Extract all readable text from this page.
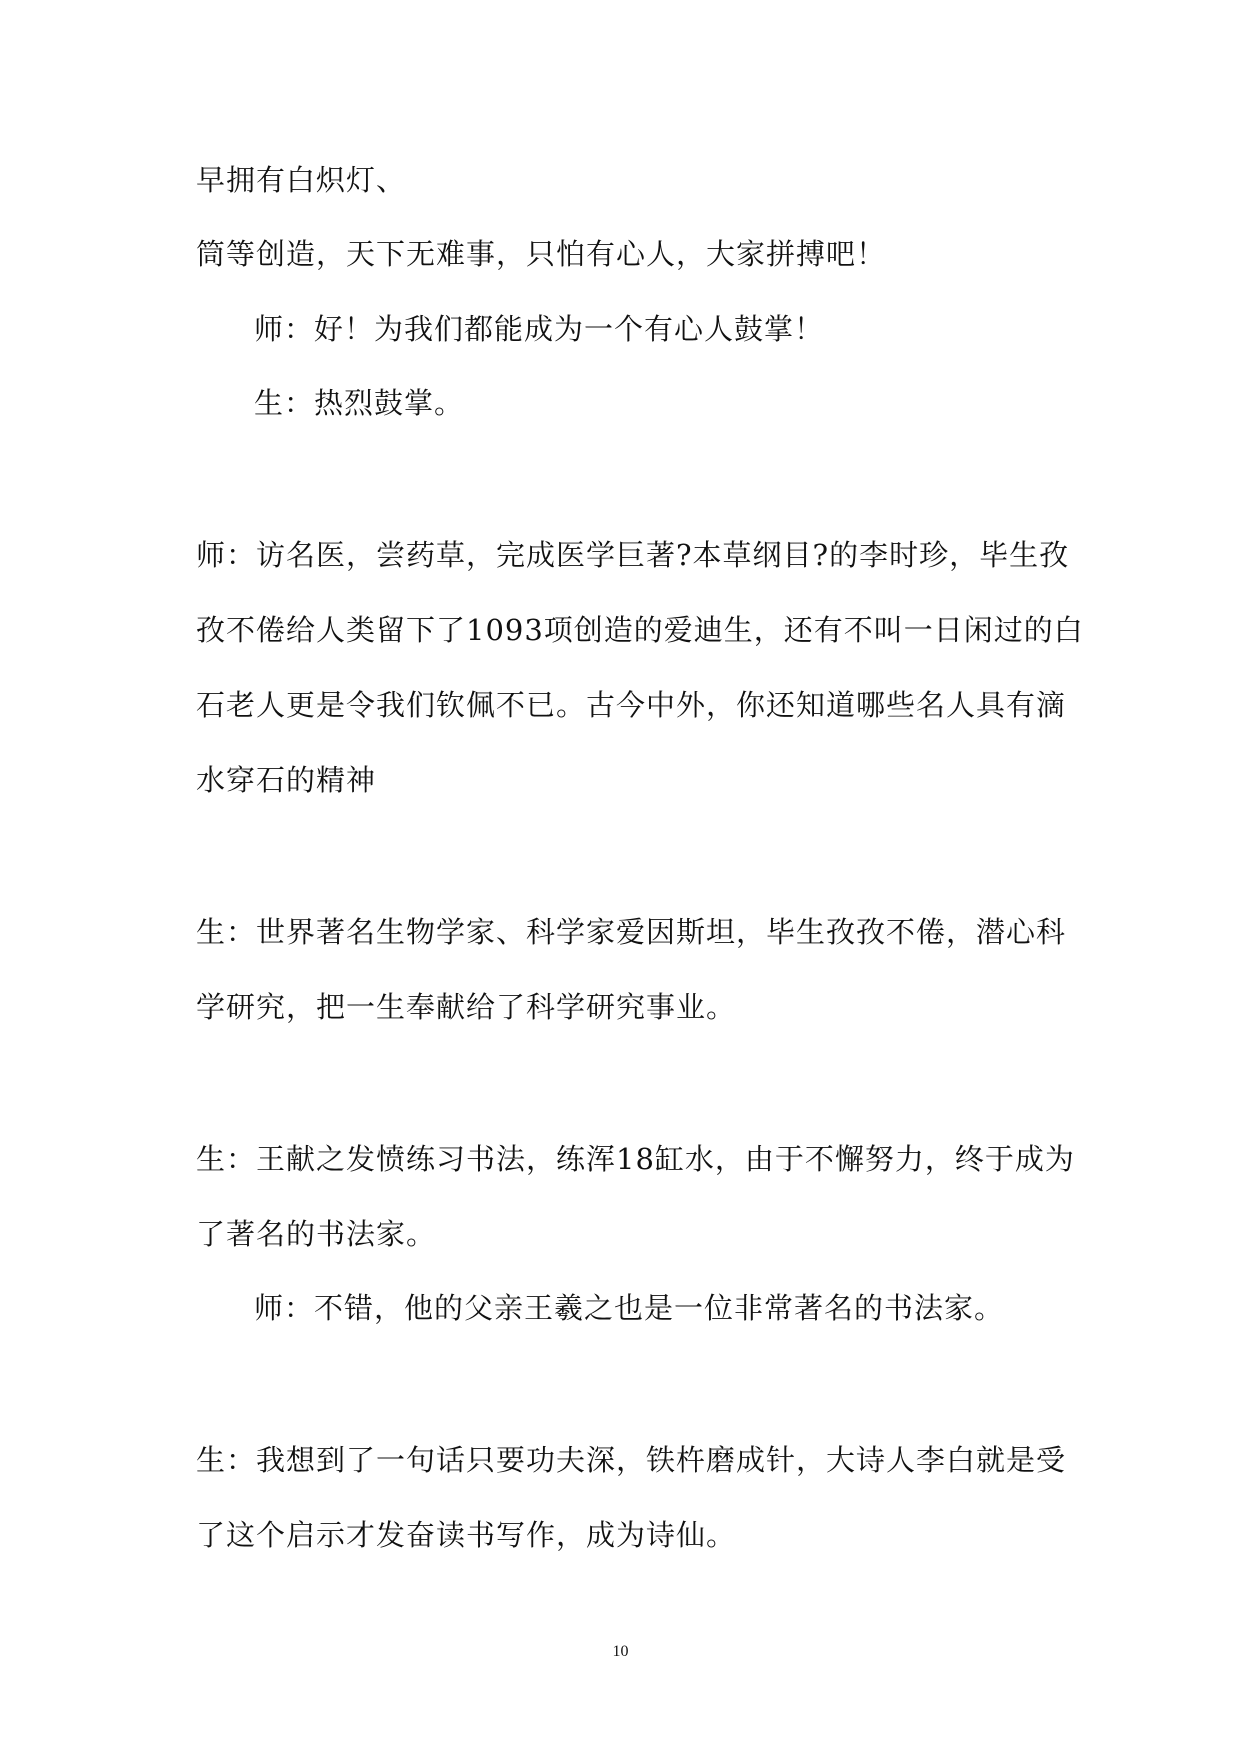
早拥有白炽灯、
筒等创造，天下无难事，只怕有心人，大家拼搏吧！
师：好！为我们都能成为一个有心人鼓掌！
生：热烈鼓掌。
师：访名医，尝药草，完成医学巨著?本草纲目?的李时珍，毕生孜
孜不倦给人类留下了1093项创造的爱迪生，还有不叫一日闲过的白
石老人更是令我们钦佩不已。古今中外，你还知道哪些名人具有滴
水穿石的精神
生：世界著名生物学家、科学家爱因斯坦，毕生孜孜不倦，潜心科
学研究，把一生奉献给了科学研究事业。
生：王献之发愤练习书法，练浑18缸水，由于不懈努力，终于成为
了著名的书法家。
师：不错，他的父亲王羲之也是一位非常著名的书法家。
生：我想到了一句话只要功夫深，铁杵磨成针，大诗人李白就是受
了这个启示才发奋读书写作，成为诗仙。
10
